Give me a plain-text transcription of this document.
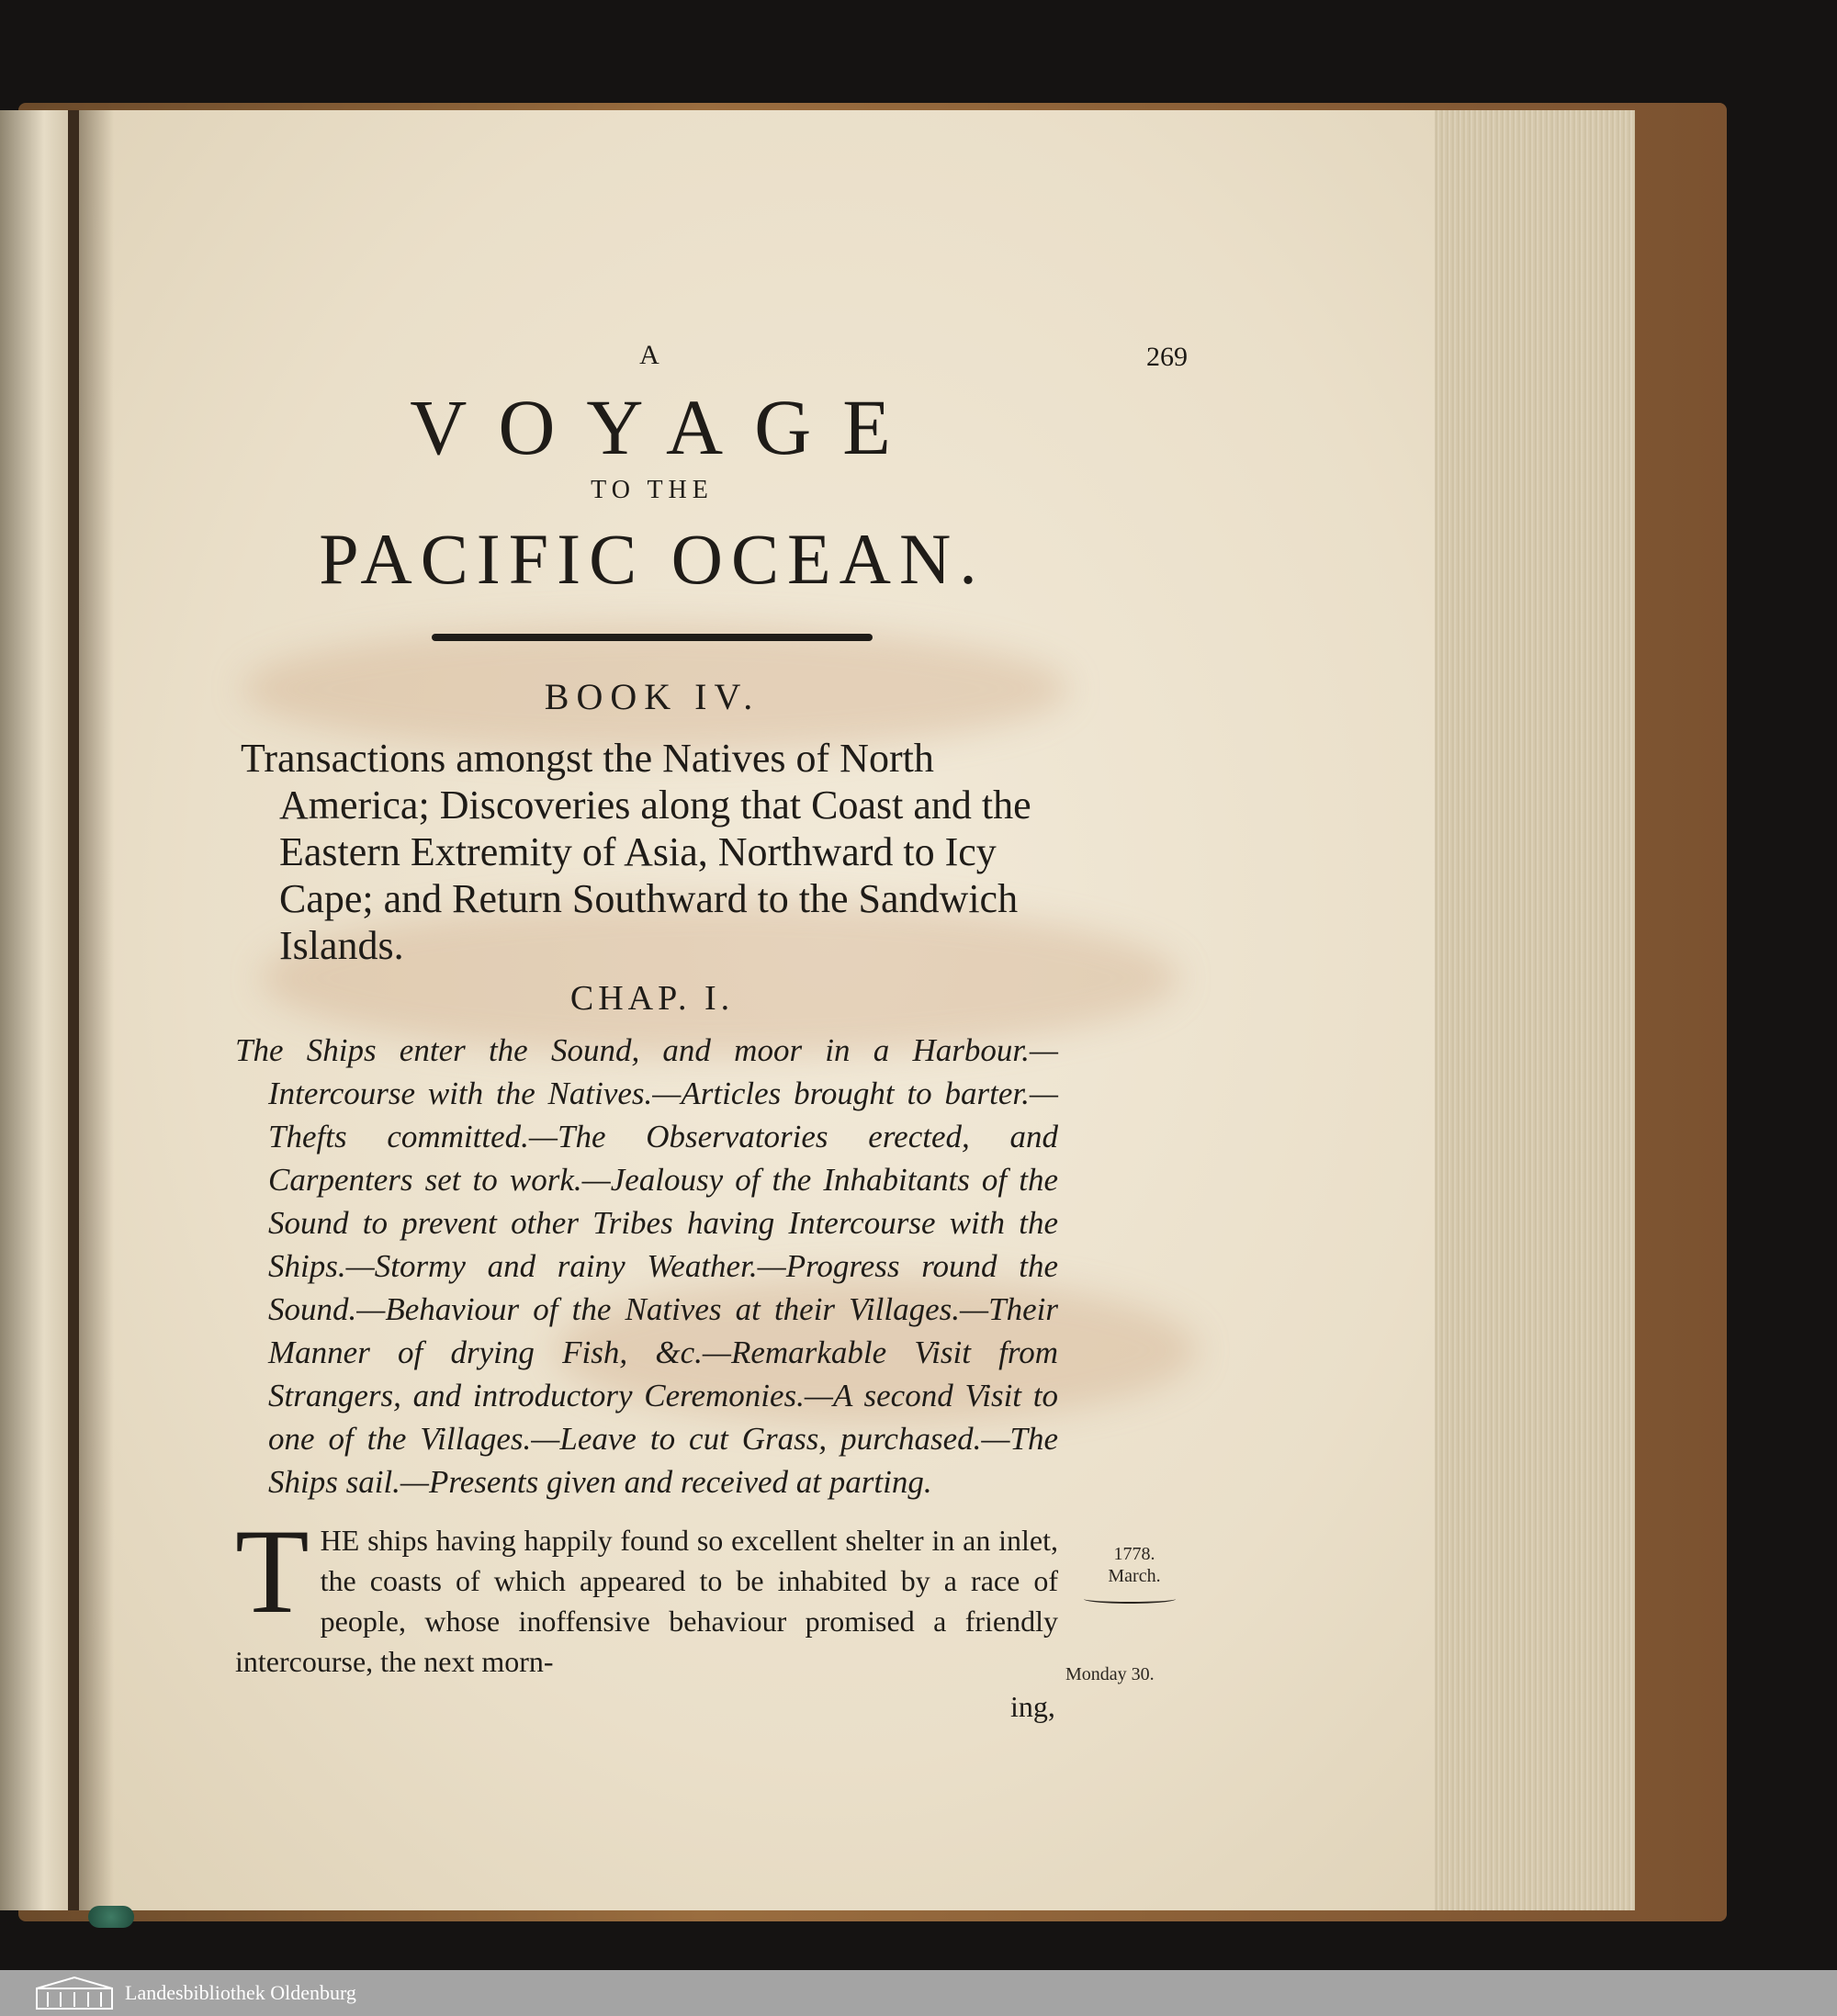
269
A
VOYAGE
TO THE
PACIFIC OCEAN.
BOOK IV.
Transactions amongst the Natives of North America; Discoveries along that Coast and the Eastern Extremity of Asia, Northward to Icy Cape; and Return Southward to the Sandwich Islands.
CHAP. I.
The Ships enter the Sound, and moor in a Harbour.—Intercourse with the Natives.—Articles brought to barter.—Thefts committed.—The Observatories erected, and Carpenters set to work.—Jealousy of the Inhabitants of the Sound to prevent other Tribes having Intercourse with the Ships.—Stormy and rainy Weather.—Progress round the Sound.—Behaviour of the Natives at their Villages.—Their Manner of drying Fish, &c.—Remarkable Visit from Strangers, and introductory Ceremonies.—A second Visit to one of the Villages.—Leave to cut Grass, purchased.—The Ships sail.—Presents given and received at parting.
THE ships having happily found so excellent shelter in an inlet, the coasts of which appeared to be inhabited by a race of people, whose inoffensive behaviour promised a friendly intercourse, the next morn-
ing,
1778.
March.
Monday 30.
Landesbibliothek Oldenburg
